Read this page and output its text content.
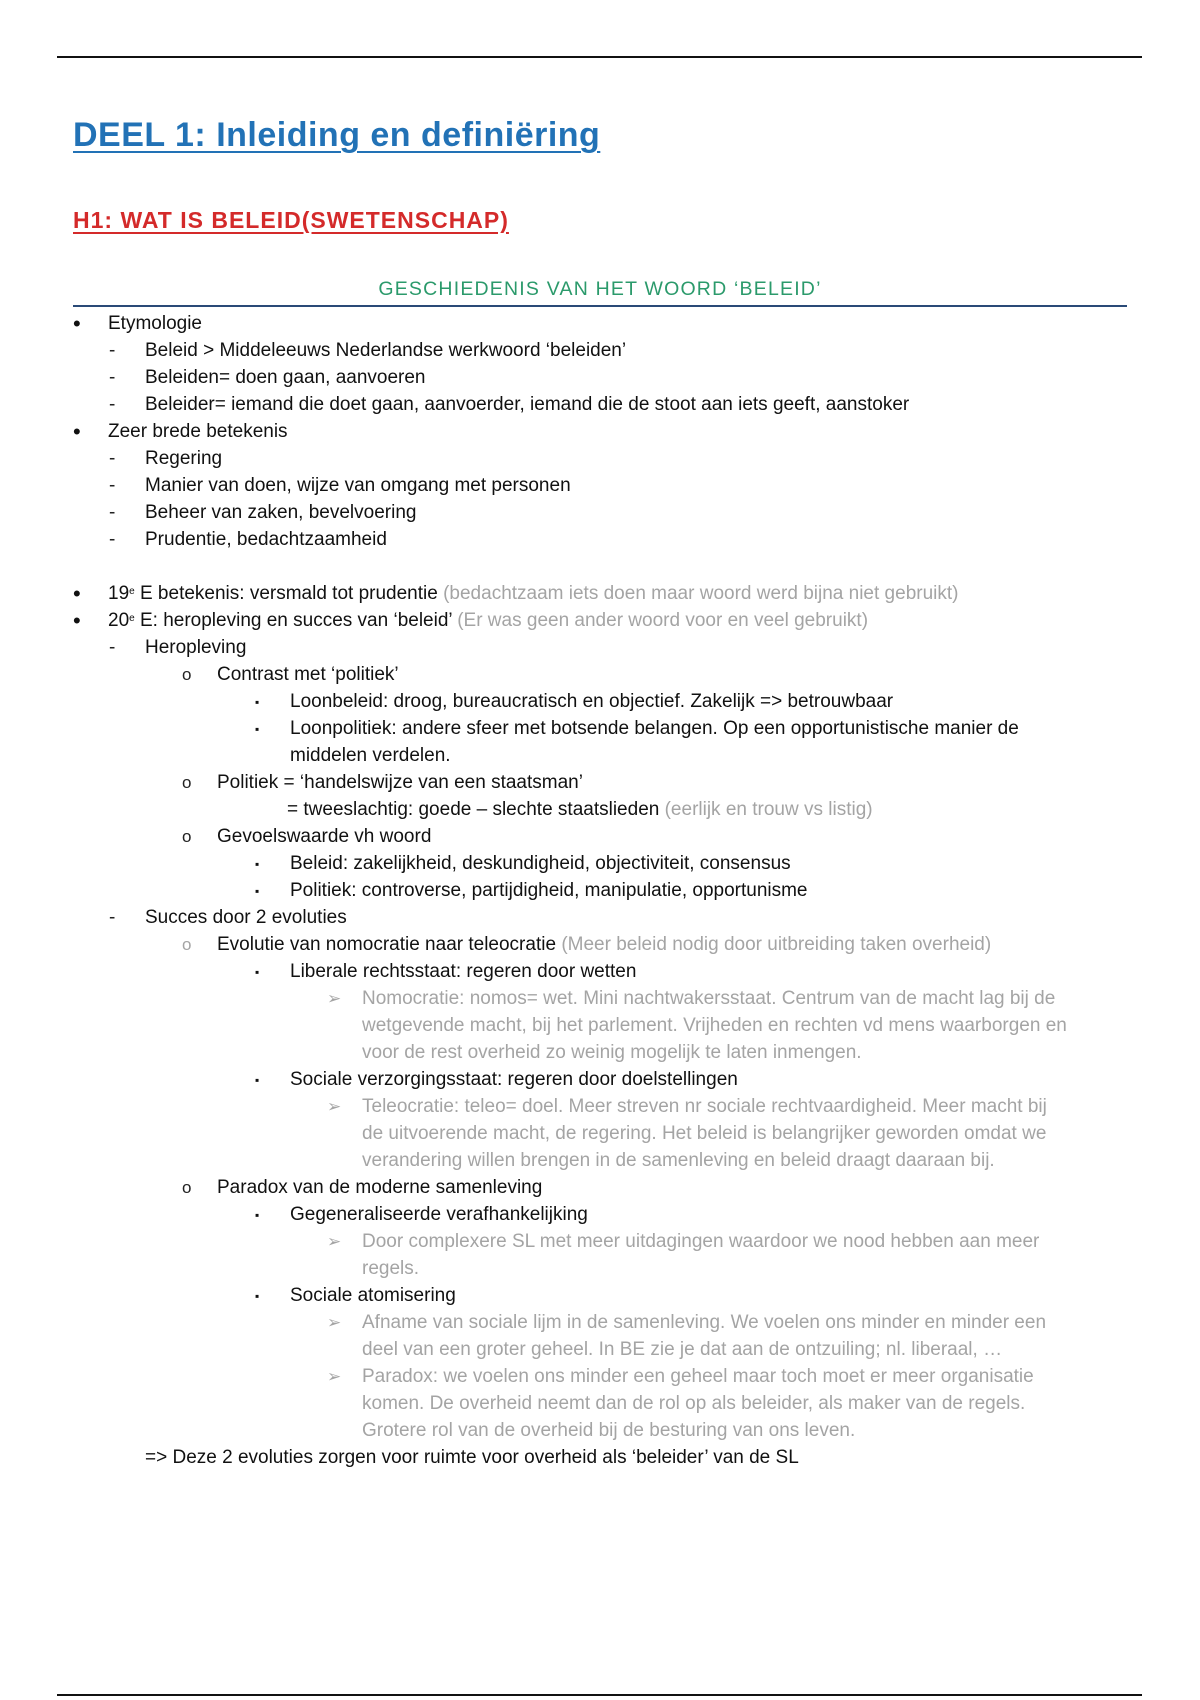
DEEL 1: Inleiding en definiëring
H1: WAT IS BELEID(SWETENSCHAP)
GESCHIEDENIS VAN HET WOORD ‘BELEID’
• Etymologie
- Beleid > Middeleeuws Nederlandse werkwoord ‘beleiden’
- Beleiden= doen gaan, aanvoeren
- Beleider= iemand die doet gaan, aanvoerder, iemand die de stoot aan iets geeft, aanstoker
• Zeer brede betekenis
- Regering
- Manier van doen, wijze van omgang met personen
- Beheer van zaken, bevelvoering
- Prudentie, bedachtzaamheid
• 19e E betekenis: versmald tot prudentie (bedachtzaam iets doen maar woord werd bijna niet gebruikt)
• 20e E: heropleving en succes van ‘beleid’ (Er was geen ander woord voor en veel gebruikt)
- Heropleving
o Contrast met ‘politiek’
▪ Loonbeleid: droog, bureaucratisch en objectief. Zakelijk => betrouwbaar
▪ Loonpolitiek: andere sfeer met botsende belangen. Op een opportunistische manier de
middelen verdelen.
o Politiek = ‘handelswijze van een staatsman’
= tweeslachtig: goede – slechte staatslieden (eerlijk en trouw vs listig)
o Gevoelswaarde vh woord
▪ Beleid: zakelijkheid, deskundigheid, objectiviteit, consensus
▪ Politiek: controverse, partijdigheid, manipulatie, opportunisme
- Succes door 2 evoluties
o Evolutie van nomocratie naar teleocratie (Meer beleid nodig door uitbreiding taken overheid)
▪ Liberale rechtsstaat: regeren door wetten
➢ Nomocratie: nomos= wet. Mini nachtwakersstaat. Centrum van de macht lag bij de
wetgevende macht, bij het parlement. Vrijheden en rechten vd mens waarborgen en
voor de rest overheid zo weinig mogelijk te laten inmengen.
▪ Sociale verzorgingsstaat: regeren door doelstellingen
➢ Teleocratie: teleo= doel. Meer streven nr sociale rechtvaardigheid. Meer macht bij
de uitvoerende macht, de regering. Het beleid is belangrijker geworden omdat we
verandering willen brengen in de samenleving en beleid draagt daaraan bij.
o Paradox van de moderne samenleving
▪ Gegeneraliseerde verafhankelijking
➢ Door complexere SL met meer uitdagingen waardoor we nood hebben aan meer
regels.
▪ Sociale atomisering
➢ Afname van sociale lijm in de samenleving. We voelen ons minder en minder een
deel van een groter geheel. In BE zie je dat aan de ontzuiling; nl. liberaal, …
➢ Paradox: we voelen ons minder een geheel maar toch moet er meer organisatie
komen. De overheid neemt dan de rol op als beleider, als maker van de regels.
Grotere rol van de overheid bij de besturing van ons leven.
=> Deze 2 evoluties zorgen voor ruimte voor overheid als ‘beleider’ van de SL
